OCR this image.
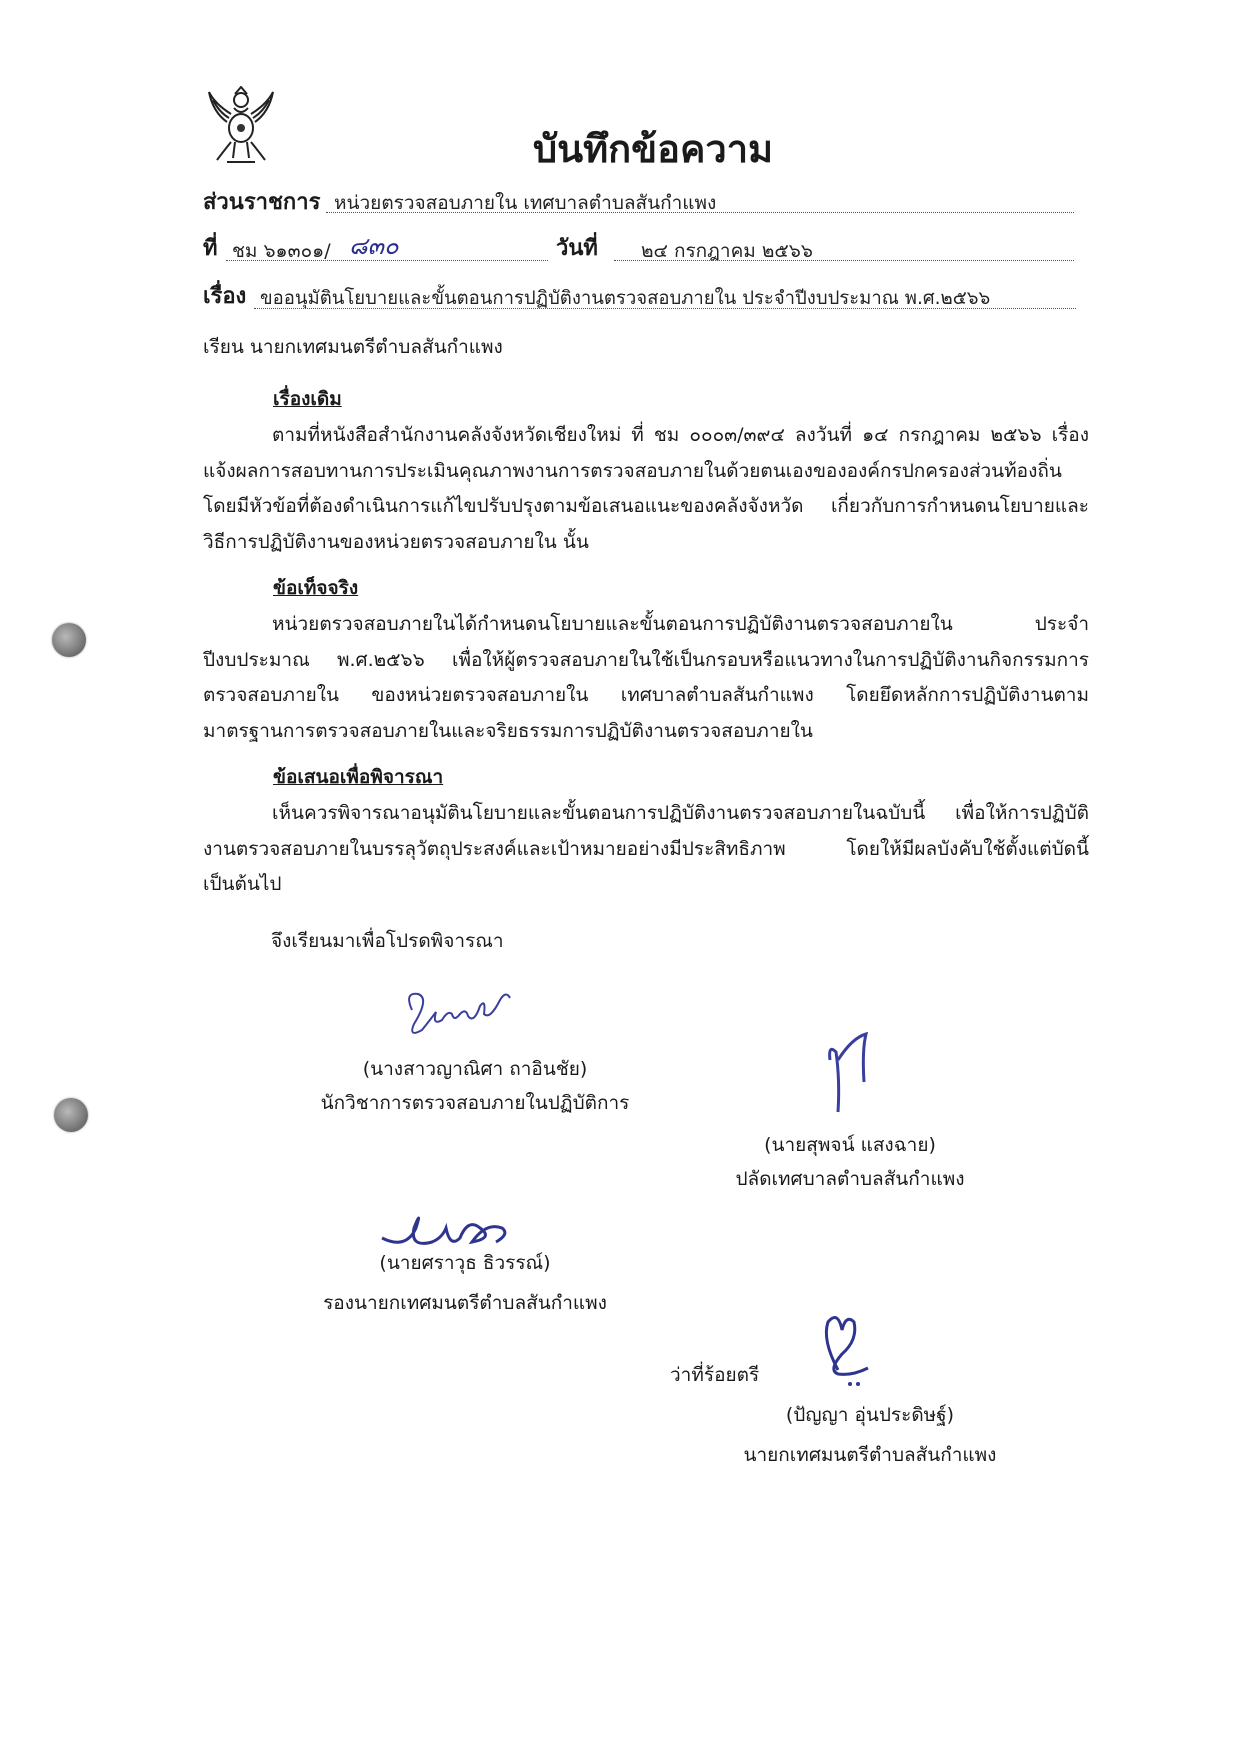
บันทึกข้อความ
ส่วนราชการ หน่วยตรวจสอบภายใน เทศบาลตำบลสันกำแพง
ที่ ชม ๖๑๓๐๑/ ๘๓๐	วันที่ ๒๔ กรกฎาคม ๒๕๖๖
เรื่อง ขออนุมัตินโยบายและขั้นตอนการปฏิบัติงานตรวจสอบภายใน ประจำปีงบประมาณ พ.ศ.๒๕๖๖
เรียน นายกเทศมนตรีตำบลสันกำแพง
เรื่องเดิม
ตามที่หนังสือสำนักงานคลังจังหวัดเชียงใหม่ ที่ ชม ๐๐๐๓/๓๙๔ ลงวันที่ ๑๔ กรกฎาคม ๒๕๖๖ เรื่อง แจ้งผลการสอบทานการประเมินคุณภาพงานการตรวจสอบภายในด้วยตนเองขององค์กรปกครองส่วนท้องถิ่น โดยมีหัวข้อที่ต้องดำเนินการแก้ไขปรับปรุงตามข้อเสนอแนะของคลังจังหวัด เกี่ยวกับการกำหนดนโยบายและวิธีการปฏิบัติงานของหน่วยตรวจสอบภายใน นั้น
ข้อเท็จจริง
หน่วยตรวจสอบภายในได้กำหนดนโยบายและขั้นตอนการปฏิบัติงานตรวจสอบภายใน ประจำปีงบประมาณ พ.ศ.๒๕๖๖ เพื่อให้ผู้ตรวจสอบภายในใช้เป็นกรอบหรือแนวทางในการปฏิบัติงานกิจกรรมการตรวจสอบภายใน ของหน่วยตรวจสอบภายใน เทศบาลตำบลสันกำแพง โดยยึดหลักการปฏิบัติงานตามมาตรฐานการตรวจสอบภายในและจริยธรรมการปฏิบัติงานตรวจสอบภายใน
ข้อเสนอเพื่อพิจารณา
เห็นควรพิจารณาอนุมัตินโยบายและขั้นตอนการปฏิบัติงานตรวจสอบภายในฉบับนี้ เพื่อให้การปฏิบัติงานตรวจสอบภายในบรรลุวัตถุประสงค์และเป้าหมายอย่างมีประสิทธิภาพ โดยให้มีผลบังคับใช้ตั้งแต่บัดนี้เป็นต้นไป
จึงเรียนมาเพื่อโปรดพิจารณา
(นางสาวญาณิศา ถาอินชัย)
นักวิชาการตรวจสอบภายในปฏิบัติการ
(นายสุพจน์ แสงฉาย)
ปลัดเทศบาลตำบลสันกำแพง
(นายศราวุธ ธิวรรณ์)
รองนายกเทศมนตรีตำบลสันกำแพง
ว่าที่ร้อยตรี
(ปัญญา อุ่นประดิษฐ์)
นายกเทศมนตรีตำบลสันกำแพง
